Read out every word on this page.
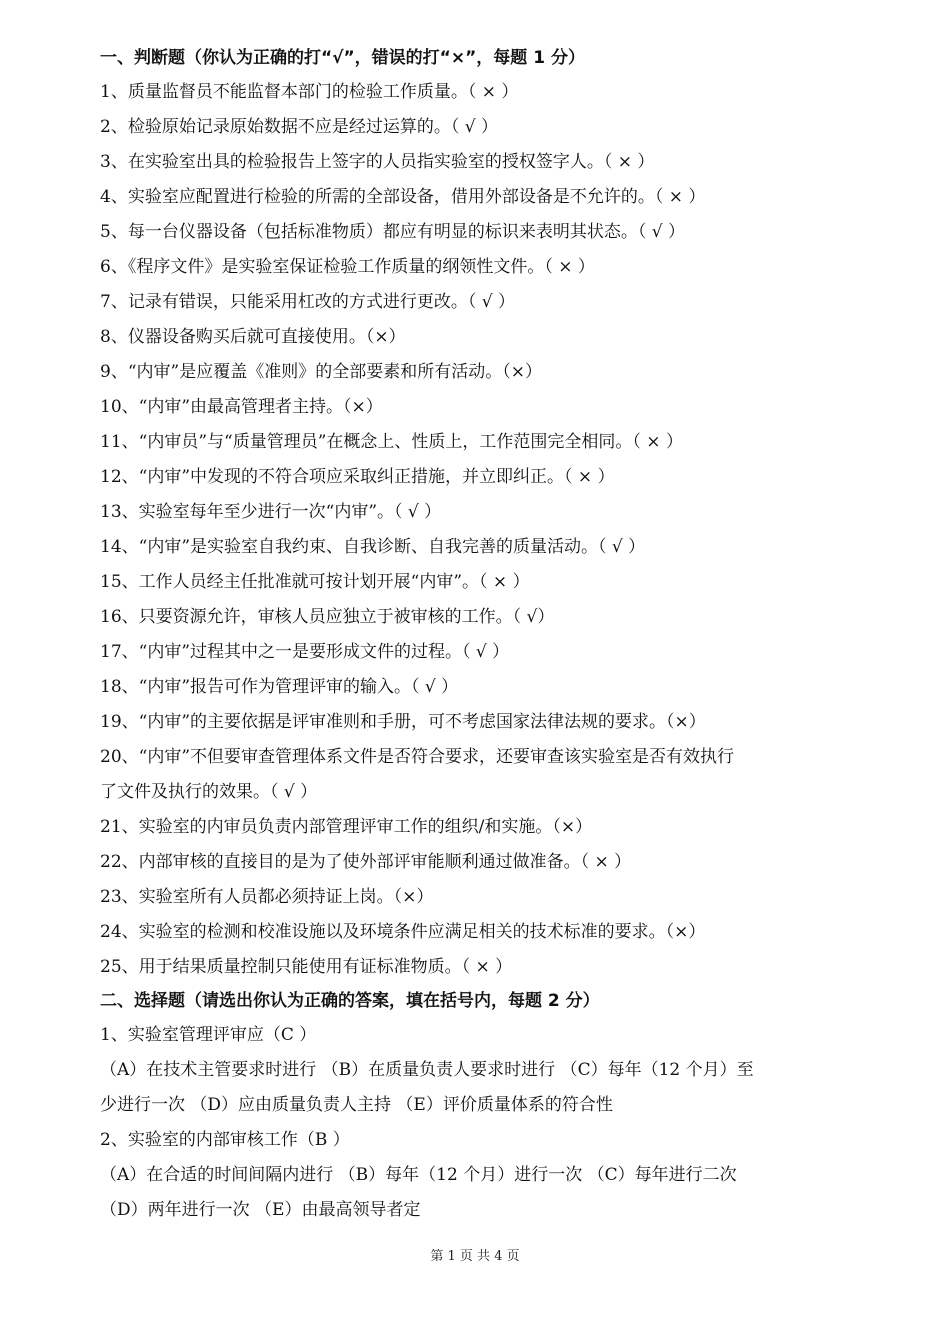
一、判断题（你认为正确的打“√”，错误的打“×”，每题 1 分）
1、质量监督员不能监督本部门的检验工作质量。（ × ）
2、检验原始记录原始数据不应是经过运算的。（ √ ）
3、在实验室出具的检验报告上签字的人员指实验室的授权签字人。（ × ）
4、实验室应配置进行检验的所需的全部设备，借用外部设备是不允许的。（ × ）
5、每一台仪器设备（包括标准物质）都应有明显的标识来表明其状态。（ √ ）
6、《程序文件》是实验室保证检验工作质量的纲领性文件。（ × ）
7、记录有错误，只能采用杠改的方式进行更改。（ √ ）
8、仪器设备购买后就可直接使用。（×）
9、“内审”是应覆盖《准则》的全部要素和所有活动。（×）
10、“内审”由最高管理者主持。（×）
11、“内审员”与“质量管理员”在概念上、性质上，工作范围完全相同。（ × ）
12、“内审”中发现的不符合项应采取纠正措施，并立即纠正。（ × ）
13、实验室每年至少进行一次“内审”。（ √ ）
14、“内审”是实验室自我约束、自我诊断、自我完善的质量活动。（ √ ）
15、工作人员经主任批准就可按计划开展“内审”。（ × ）
16、只要资源允许，审核人员应独立于被审核的工作。（ √）
17、“内审”过程其中之一是要形成文件的过程。（ √ ）
18、“内审”报告可作为管理评审的输入。（ √ ）
19、“内审”的主要依据是评审准则和手册，可不考虑国家法律法规的要求。（×）
20、“内审”不但要审查管理体系文件是否符合要求，还要审查该实验室是否有效执行
了文件及执行的效果。（ √ ）
21、实验室的内审员负责内部管理评审工作的组织/和实施。（×）
22、内部审核的直接目的是为了使外部评审能顺利通过做准备。（ × ）
23、实验室所有人员都必须持证上岗。（×）
24、实验室的检测和校准设施以及环境条件应满足相关的技术标准的要求。（×）
25、用于结果质量控制只能使用有证标准物质。（ × ）
二、选择题（请选出你认为正确的答案，填在括号内，每题 2 分）
1、实验室管理评审应（C ）
（A）在技术主管要求时进行 （B）在质量负责人要求时进行 （C）每年（12 个月）至
少进行一次 （D）应由质量负责人主持 （E）评价质量体系的符合性
2、实验室的内部审核工作（B ）
（A）在合适的时间间隔内进行 （B）每年（12 个月）进行一次 （C）每年进行二次
（D）两年进行一次 （E）由最高领导者定
第 1 页 共 4 页
